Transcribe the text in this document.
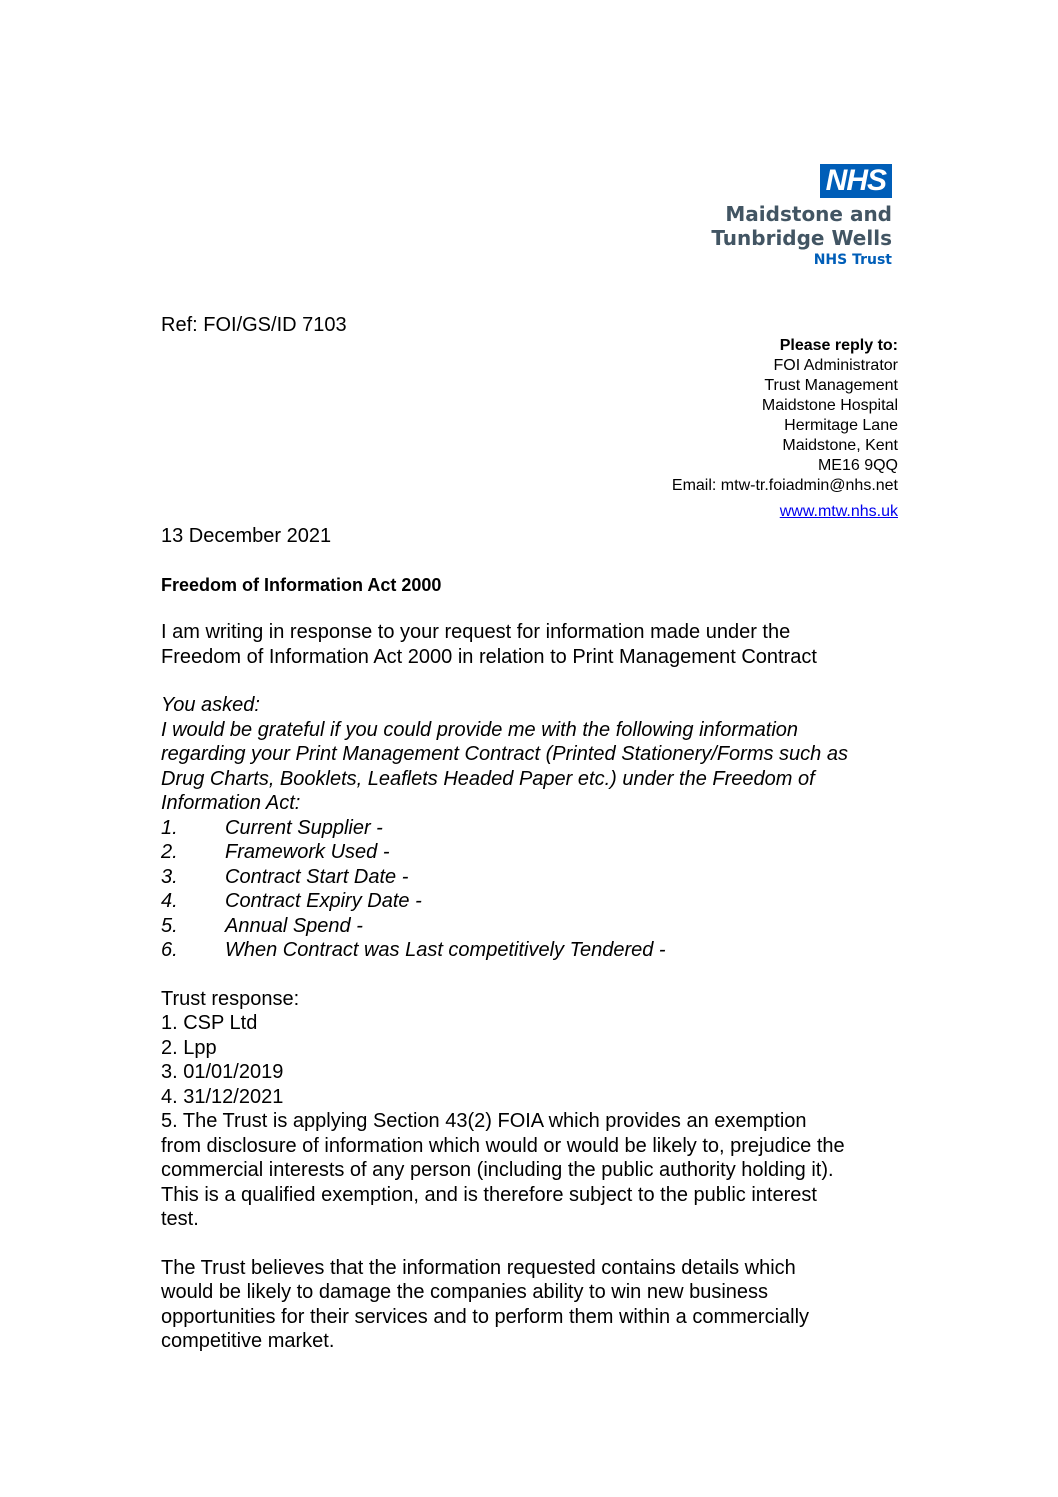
NHS
Maidstone and
Tunbridge Wells
NHS Trust
Ref: FOI/GS/ID 7103
Please reply to:
FOI Administrator
Trust Management
Maidstone Hospital
Hermitage Lane
Maidstone, Kent
ME16 9QQ
Email: mtw-tr.foiadmin@nhs.net
www.mtw.nhs.uk
13 December 2021

Freedom of Information Act 2000

I am writing in response to your request for information made under the

Freedom of Information Act 2000 in relation to Print Management Contract

You asked:

I would be grateful if you could provide me with the following information

regarding your Print Management Contract (Printed Stationery/Forms such as

Drug Charts, Booklets, Leaflets Headed Paper etc.) under the Freedom of

Information Act:

1.	Current Supplier -
2.	Framework Used -
3.	Contract Start Date -
4.	Contract Expiry Date -
5.	Annual Spend -
6.	When Contract was Last competitively Tendered -

Trust response:

1. CSP Ltd

2. Lpp

3. 01/01/2019

4. 31/12/2021

5. The Trust is applying Section 43(2) FOIA which provides an exemption

from disclosure of information which would or would be likely to, prejudice the

commercial interests of any person (including the public authority holding it).

This is a qualified exemption, and is therefore subject to the public interest

test.

The Trust believes that the information requested contains details which

would be likely to damage the companies ability to win new business

opportunities for their services and to perform them within a commercially

competitive market.
